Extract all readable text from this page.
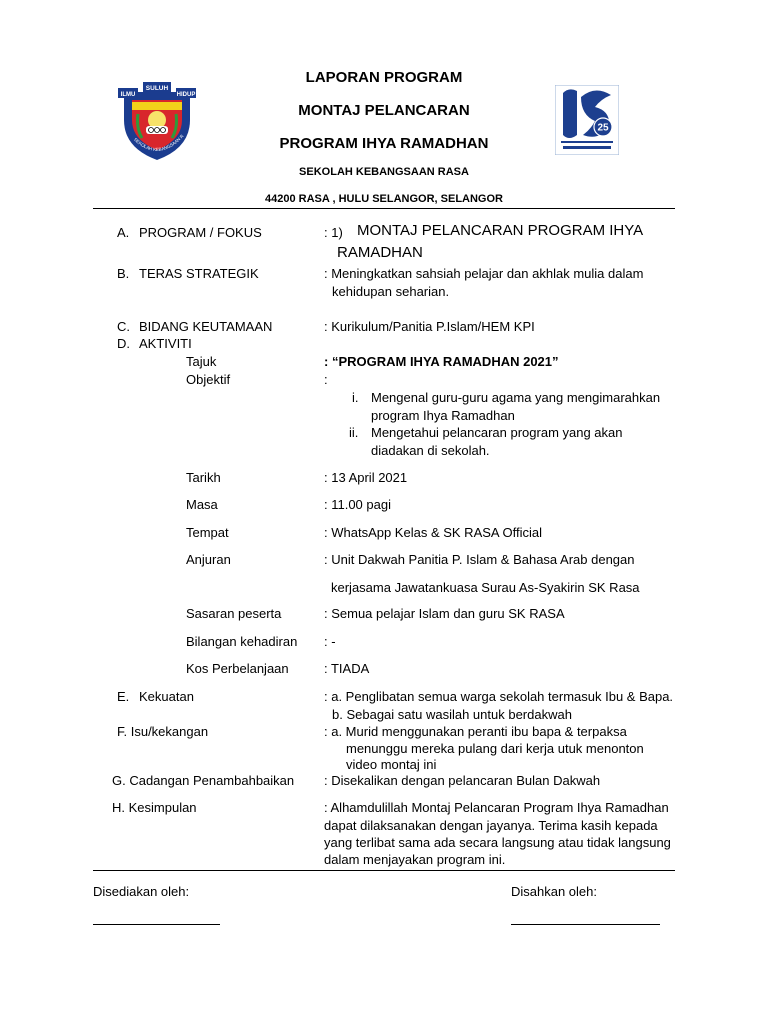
SULUH
ILMU	HIDUP
SEKOLAH KEBANGSAAN R
25
LAPORAN PROGRAM
MONTAJ PELANCARAN
PROGRAM IHYA RAMADHAN
SEKOLAH KEBANGSAAN RASA
44200 RASA , HULU SELANGOR, SELANGOR
A. PROGRAM / FOKUS	: 1) MONTAJ PELANCARAN PROGRAM IHYA
RAMADHAN
B. TERAS STRATEGIK	: Meningkatkan sahsiah pelajar dan akhlak mulia dalam
kehidupan seharian.
C. BIDANG KEUTAMAAN	: Kurikulum/Panitia P.Islam/HEM KPI
D. AKTIVITI
Tajuk	: “PROGRAM IHYA RAMADHAN 2021”
Objektif	:
i. Mengenal guru-guru agama yang mengimarahkan
program Ihya Ramadhan
ii. Mengetahui pelancaran program yang akan
diadakan di sekolah.
Tarikh	: 13 April 2021
Masa	: 11.00 pagi
Tempat	: WhatsApp Kelas & SK RASA Official
Anjuran	: Unit Dakwah Panitia P. Islam & Bahasa Arab dengan
kerjasama Jawatankuasa Surau As-Syakirin SK Rasa
Sasaran peserta	: Semua pelajar Islam dan guru SK RASA
Bilangan kehadiran : -
Kos Perbelanjaan	: TIADA
E. Kekuatan	: a. Penglibatan semua warga sekolah termasuk Ibu & Bapa.
b. Sebagai satu wasilah untuk berdakwah
F. Isu/kekangan	: a. Murid menggunakan peranti ibu bapa & terpaksa
menunggu mereka pulang dari kerja utuk menonton
video montaj ini
G. Cadangan Penambahbaikan : Disekalikan dengan pelancaran Bulan Dakwah
H. Kesimpulan	: Alhamdulillah Montaj Pelancaran Program Ihya Ramadhan
dapat dilaksanakan dengan jayanya. Terima kasih kepada
yang terlibat sama ada secara langsung atau tidak langsung
dalam menjayakan program ini.
Disediakan oleh:	Disahkan oleh:
